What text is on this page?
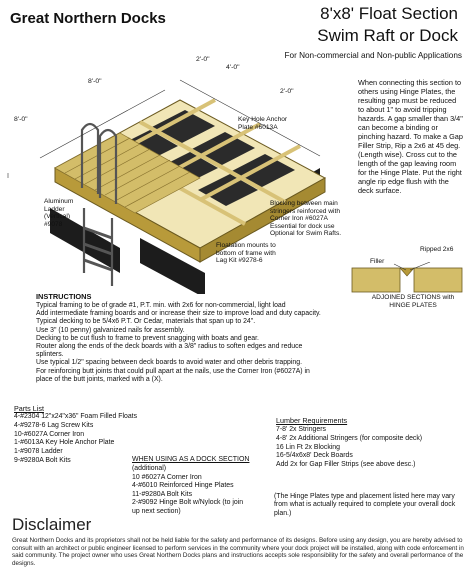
Great Northern Docks	8'x8' Float Section
Swim Raft or Dock
For Non-commercial and Non-public Applications
8'-0"
8'-0"
2'-0"
4'-0"
2'-0"
Key Hole Anchor Plate #6013A
Blocking between main stringers reinforced with Corner Iron #6027A Essential for dock use Optional for Swim Rafts.
Aluminum Ladder (Vertical) #9078
Floatation mounts to bottom of frame with Lag Kit #9278-6
When connecting this section to others using Hinge Plates, the resulting gap must be reduced to about 1" to avoid tripping hazards. A gap smaller than 3/4" can become a binding or pinching hazard. To make a Gap Filler Strip, Rip a 2x6 at 45 deg. (Length wise). Cross cut to the length of the gap leaving room for the Hinge Plate. Put the right angle rip edge flush with the deck surface.
Ripped 2x6
Filler
ADJOINED SECTIONS with HINGE PLATES
INSTRUCTIONS
Typical framing to be of grade #1, P.T. min. with 2x6 for non-commercial, light load
Add intermediate framing boards and or increase their size to improve load and duty capacity.
Typical decking to be 5/4x6 P.T. Or Cedar, materials that span up to 24".
Use 3" (10 penny) galvanized nails for assembly.
Decking to be cut flush to frame to prevent snagging with boats and gear.
Router along the ends of the deck boards with a 3/8" radius to soften edges and reduce
splinters.
Use typical 1/2" spacing between deck boards to avoid water and other debris trapping.
For reinforcing butt joints that could pull apart at the nails, use the Corner Iron (#6027A) in
place of the butt joints, marked with a (X).
Parts List
4-#2304 12"x24"x36" Foam Filled Floats
4-#9278-6 Lag Screw Kits
10-#6027A Corner Iron
1-#6013A Key Hole Anchor Plate
1-#9078 Ladder
9-#9280A Bolt Kits	WHEN USING AS A DOCK SECTION
(additional)
10 #6027A Corner Iron
4-#6010 Reinforced Hinge Plates
11-#9280A Bolt Kits
2-#9092 Hinge Bolt w/Nylock (to join
up next section)
Lumber Requirements
7-8' 2x Stringers
4-8' 2x Additional Stringers (for composite deck)
16 Lin Ft 2x Blocking
16-5/4x6x8' Deck Boards
Add 2x for Gap Filler Strips (see above desc.)
(The Hinge Plates type and placement listed here may vary from what is actually required to complete your overall dock plan.)
Disclaimer
Great Northern Docks and its proprietors shall not be held liable for the safety and performance of its designs. Before using any design, you are hereby advised to consult with an architect or public engineer licensed to perform services in the community where your dock project will be installed, along with code enforcement in said community. The project owner who uses Great Northern Docks plans and instructions accepts sole responsibility for the safety and overall performance of the designs.
